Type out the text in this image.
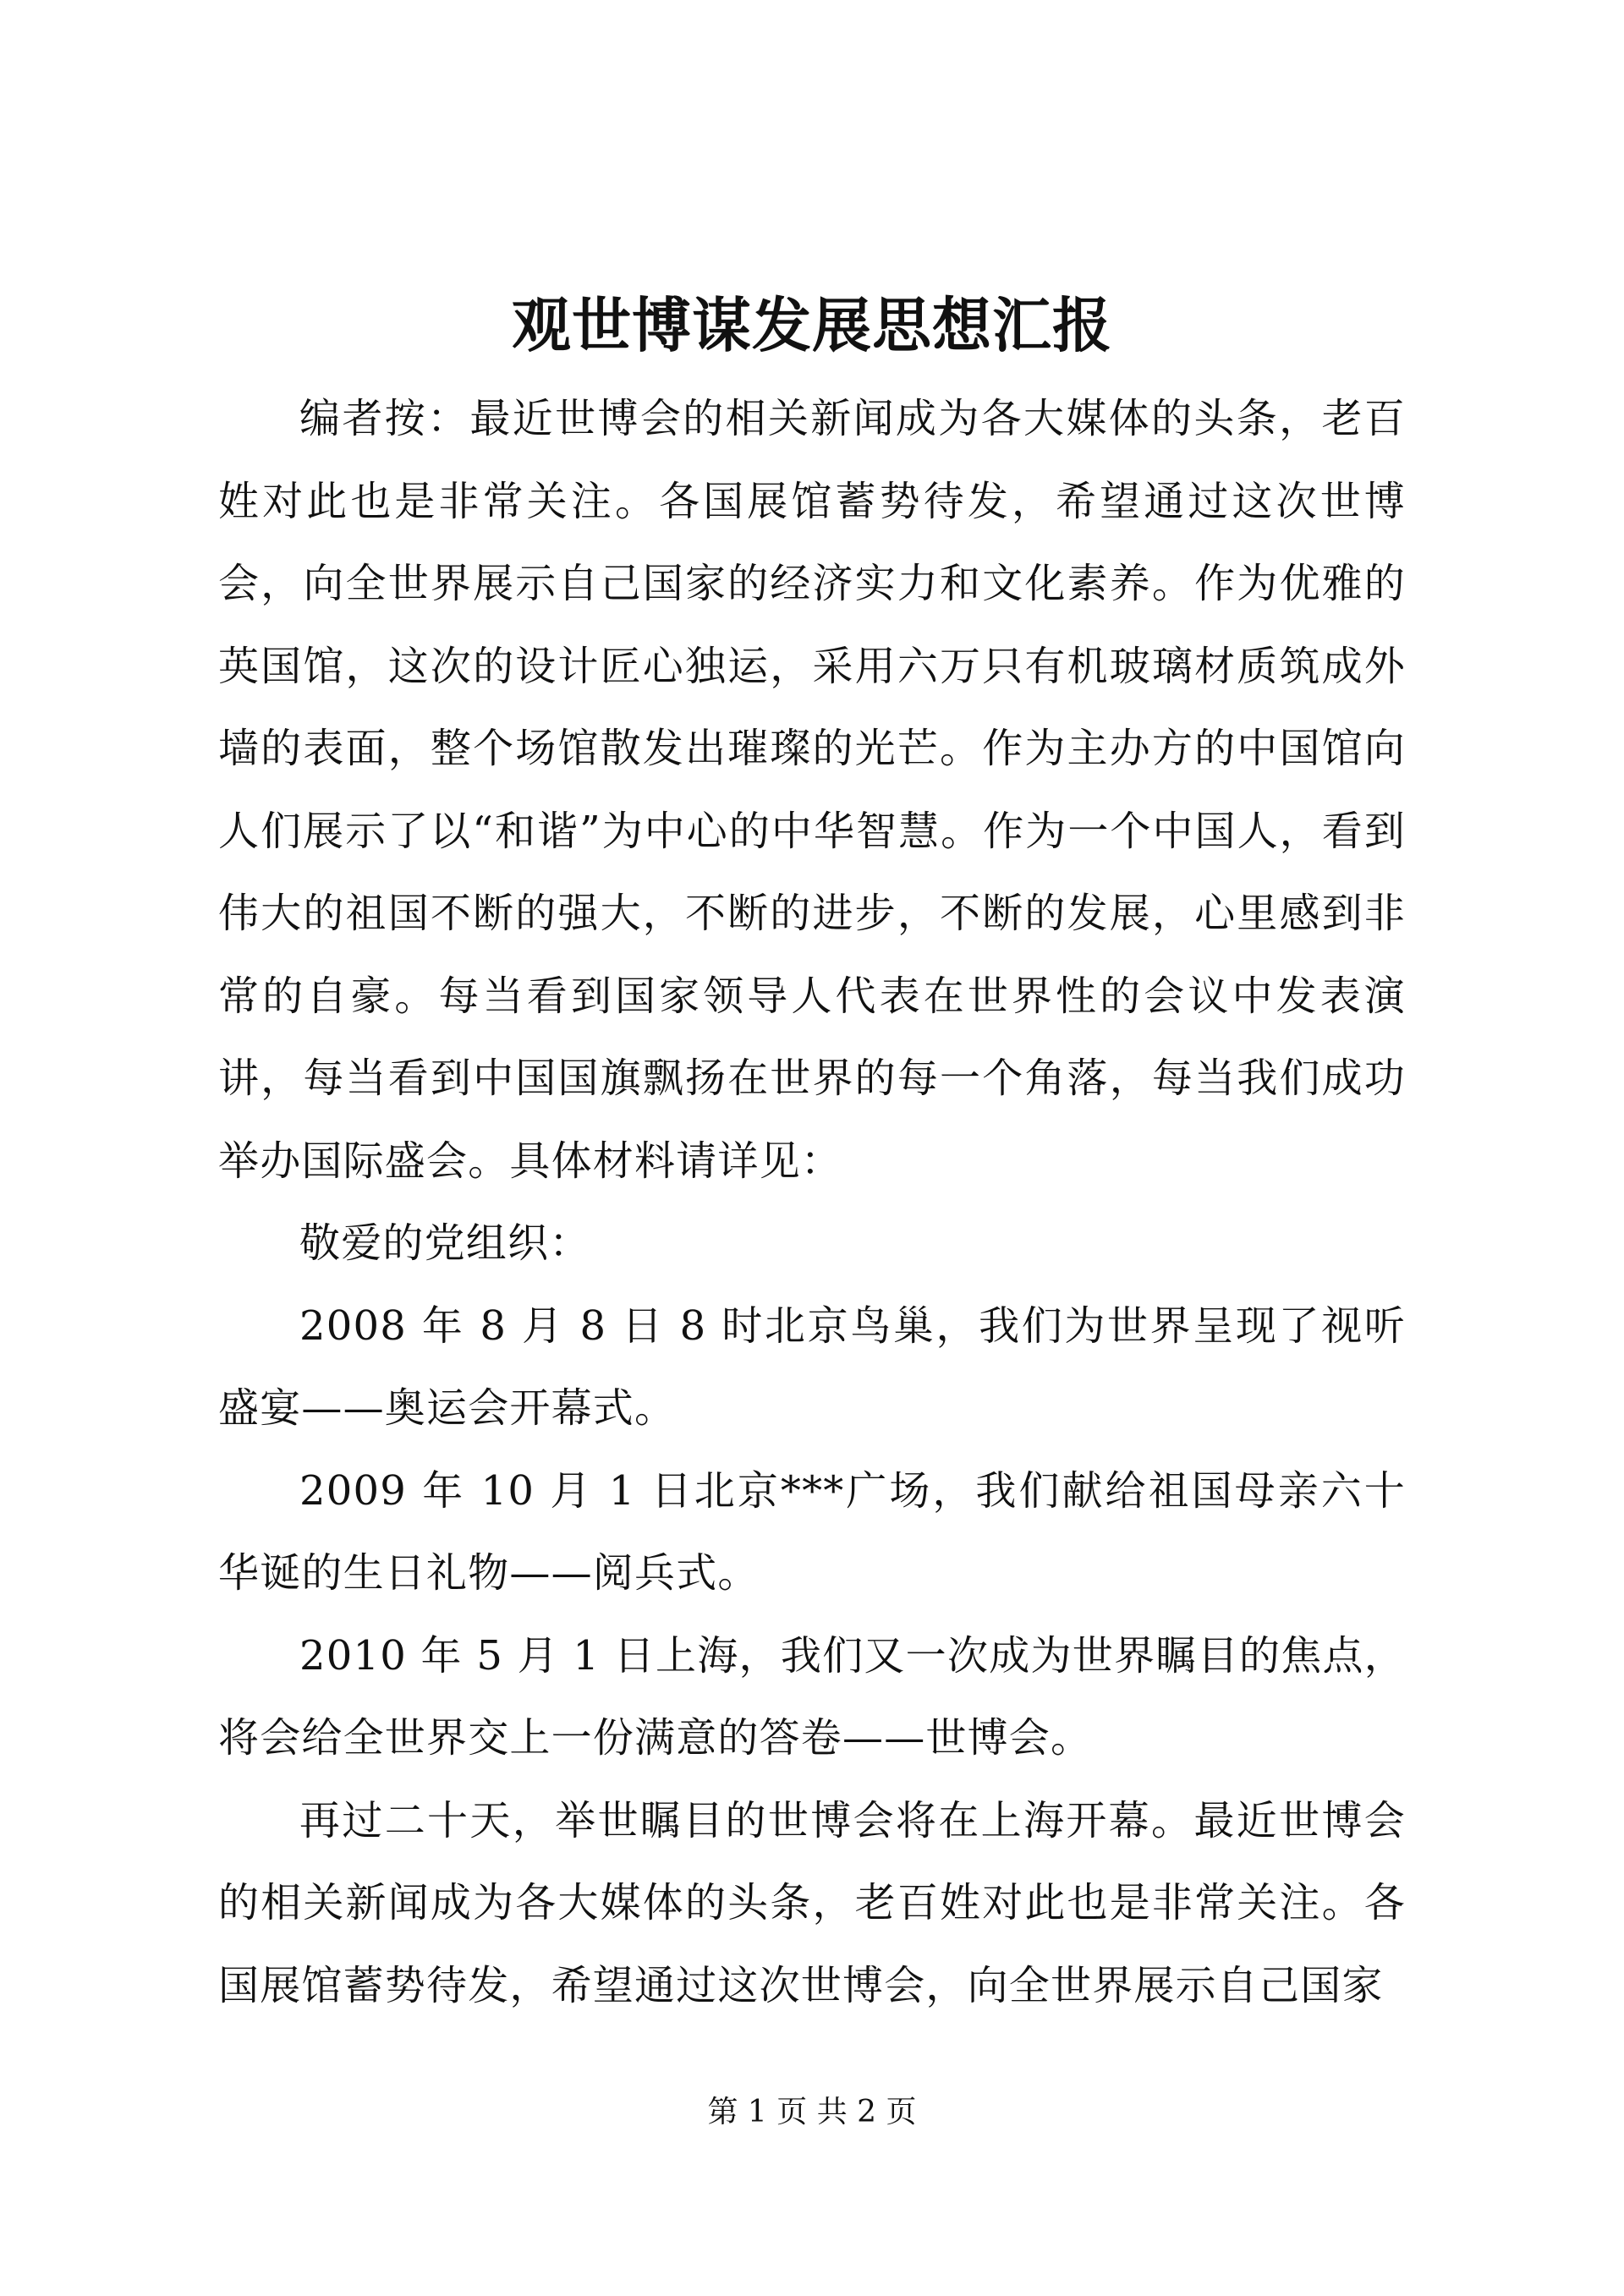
观世博谋发展思想汇报

编者按：最近世博会的相关新闻成为各大媒体的头条，老百姓对此也是非常关注。各国展馆蓄势待发，希望通过这次世博会，向全世界展示自己国家的经济实力和文化素养。作为优雅的英国馆，这次的设计匠心独运，采用六万只有机玻璃材质筑成外墙的表面，整个场馆散发出璀璨的光芒。作为主办方的中国馆向人们展示了以“和谐”为中心的中华智慧。作为一个中国人，看到伟大的祖国不断的强大，不断的进步，不断的发展，心里感到非常的自豪。每当看到国家领导人代表在世界性的会议中发表演讲，每当看到中国国旗飘扬在世界的每一个角落，每当我们成功举办国际盛会。具体材料请详见：

敬爱的党组织：

2008 年 8 月 8 日 8 时北京鸟巢，我们为世界呈现了视听盛宴——奥运会开幕式。

2009 年 10 月 1 日北京***广场，我们献给祖国母亲六十华诞的生日礼物——阅兵式。

2010 年 5 月 1 日上海，我们又一次成为世界瞩目的焦点，将会给全世界交上一份满意的答卷——世博会。

再过二十天，举世瞩目的世博会将在上海开幕。最近世博会的相关新闻成为各大媒体的头条，老百姓对此也是非常关注。各国展馆蓄势待发，希望通过这次世博会，向全世界展示自己国家

第 1 页 共 2 页
